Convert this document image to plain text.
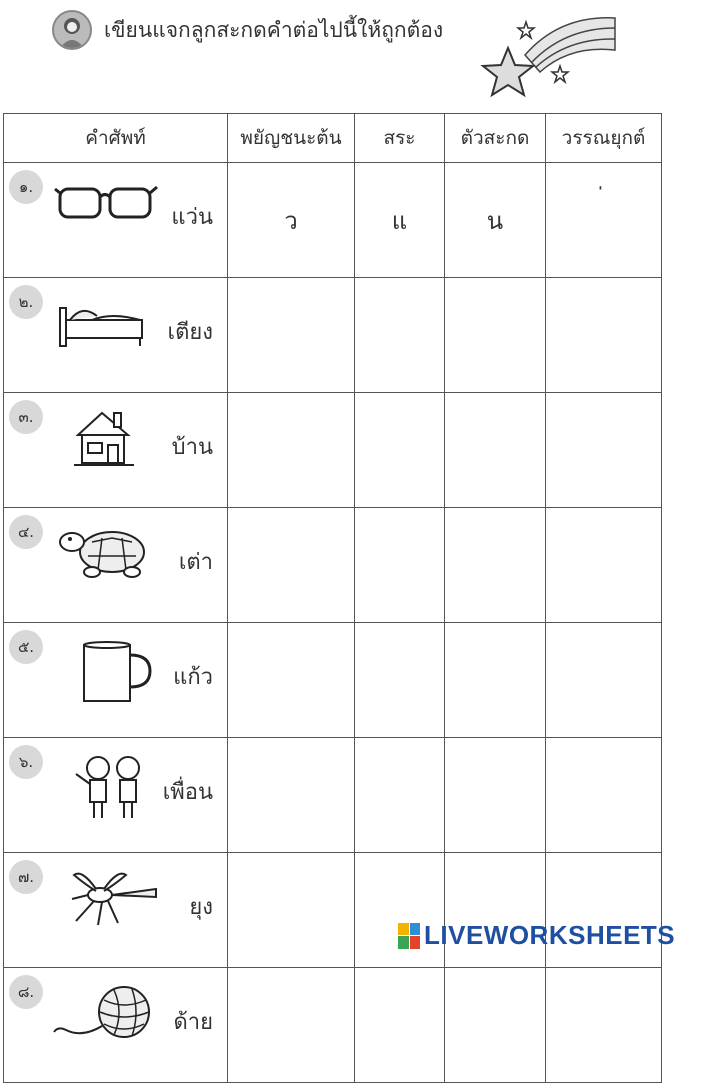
เขียนแจกลูกสะกดคำต่อไปนี้ให้ถูกต้อง
คำศัพท์	พยัญชนะต้น	สระ	ตัวสะกด	วรรณยุกต์

๑.
แว่น	ว	แ	น	

๒.
เตียง				

๓.
บ้าน				

๔.
เต่า				

๕.
แก้ว				

๖.
เพื่อน				

๗.
ยุง				

๘.
ด้าย				

LIVEWORKSHEETS
